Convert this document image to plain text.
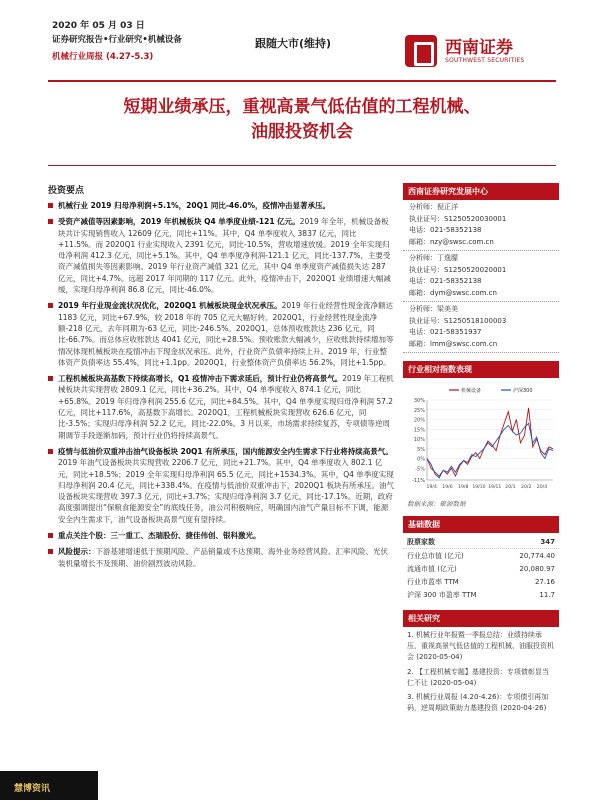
2020 年 05 月 03 日
证券研究报告•行业研究•机械设备
机械行业周报 (4.27-5.3)
跟随大市(维持)	西南证券
SOUTHWEST SECURITIES
短期业绩承压，重视高景气低估值的工程机械、
油服投资机会
投资要点
机械行业 2019 归母净利润+5.1%，20Q1 同比-46.0%，疫情冲击显著承压。
受资产减值等因素影响，2019 年机械板块 Q4 单季度业绩-121 亿元。2019 年全年，机械设备板块共计实现销售收入 12609 亿元，同比+11%。其中，Q4 单季度收入 3837 亿元，同比+11.5%。而 2020Q1 行业实现收入 2391 亿元，同比-10.5%，营收增速放缓。2019 全年实现归母净利润 412.3 亿元，同比+5.1%。其中，Q4 单季度净利润-121.1 亿元，同比-137.7%，主要受资产减值损失等因素影响。2019 年行业资产减值 321 亿元，其中 Q4 单季度资产减值损失达 287 亿元，同比+4.7%。远超 2017 年同期的 117 亿元。此外，疫情冲击下，2020Q1 业绩增速大幅减缓，实现归母净利润 86.8 亿元，同比-46.0%。
2019 年行业现金流状况优化，2020Q1 机械板块现金状况承压。2019 年行业经营性现金流净额达 1183 亿元，同比+67.9%，较 2018 年的 705 亿元大幅好转。2020Q1，行业经营性现金流净额-218 亿元，去年同期为-63 亿元，同比-246.5%。2020Q1，总体预收账款达 236 亿元，同比-66.7%。而总体应收账款达 4041 亿元，同比+28.5%。预收账款大幅减少，应收账款持续增加等情况体现机械板块在疫情冲击下现金状况承压。此外，行业资产负债率持续上升。2019 年，行业整体资产负债率达 55.4%，同比+1.1pp。2020Q1，行业整体资产负债率达 56.2%，同比+1.5pp。
工程机械板块高基数下持续高增长，Q1 疫情冲击下需求延后，预计行业仍将高景气。2019 年工程机械板块共实现营收 2809.1 亿元，同比+36.2%。其中，Q4 单季度收入 874.1 亿元，同比+65.8%。2019 年归母净利润 255.6 亿元，同比+84.5%。其中，Q4 单季度实现归母净利润 57.2 亿元，同比+117.6%，高基数下高增长。2020Q1，工程机械板块实现营收 626.6 亿元，同比-3.5%；实现归母净利润 52.2 亿元，同比-22.0%。3 月以来，市场需求持续复苏，专项债等逆周期调节手段逐渐加码，预计行业仍将持续高景气。
疫情与低油价双重冲击油气设备板块 20Q1 有所承压，国内能源安全内生需求下行业将持续高景气。2019 年油气设备板块共实现营收 2206.7 亿元，同比+21.7%。其中，Q4 单季度收入 802.1 亿元，同比+18.5%；2019 全年实现归母净利润 65.5 亿元，同比+1534.3%。其中，Q4 单季度实现归母净利润 20.4 亿元，同比+338.4%。在疫情与低油价双重冲击下，2020Q1 板块有所承压。油气设备板块实现营收 397.3 亿元，同比+3.7%；实现归母净利润 3.7 亿元，同比-17.1%。近期，政府高度强调提出“保粮食能源安全”的底线任务，油公司积极响应，明确国内油气产量目标不下调，能源安全内生需求下，油气设备板块高景气度有望持续。
重点关注个股：三一重工、杰瑞股份、捷佳伟创、银科激光。
风险提示：下游基建增速低于预期风险、产品销量或不达预期、海外业务经营风险、汇率风险、光伏装机量增长不及预期、油价剧烈波动风险。
西南证券研究发展中心
分析师：倪正洋
执业证号：S1250520030001
电话：021-58352138
邮箱：nzy@swsc.com.cn
分析师：丁逸朦
执业证号：S1250520020001
电话：021-58352138
邮箱：dym@swsc.com.cn
分析师：梁美美
执业证号：S1250518100003
电话：021-58351937
邮箱：lmm@swsc.com.cn
行业相对指数表现
30%
25%
20%
15%
10%
5%
0%
-5%
-11%
19/4 19/6 19/8 19/10 19/11 20/1 20/2 20/4
机械设备	沪深300
数据来源：聚源数据
基础数据
股票家数	347
行业总市值 (亿元)	20,774.40
流通市值 (亿元)	20,080.97
行业市盈率 TTM	27.16
沪深 300 市盈率 TTM	11.7
相关研究
1. 机械行业年报暨一季报总结：业绩持续承压，重视高景气低估值的工程机械、油服投资机会 (2020-05-04)
2. 【工程机械专题】基建投资：专项债彰显当仁不让 (2020-05-04)
3. 机械行业周报 (4.20-4.26)：专项债引再加码，逆周期政策助力基建投资 (2020-04-26)
慧博资讯
